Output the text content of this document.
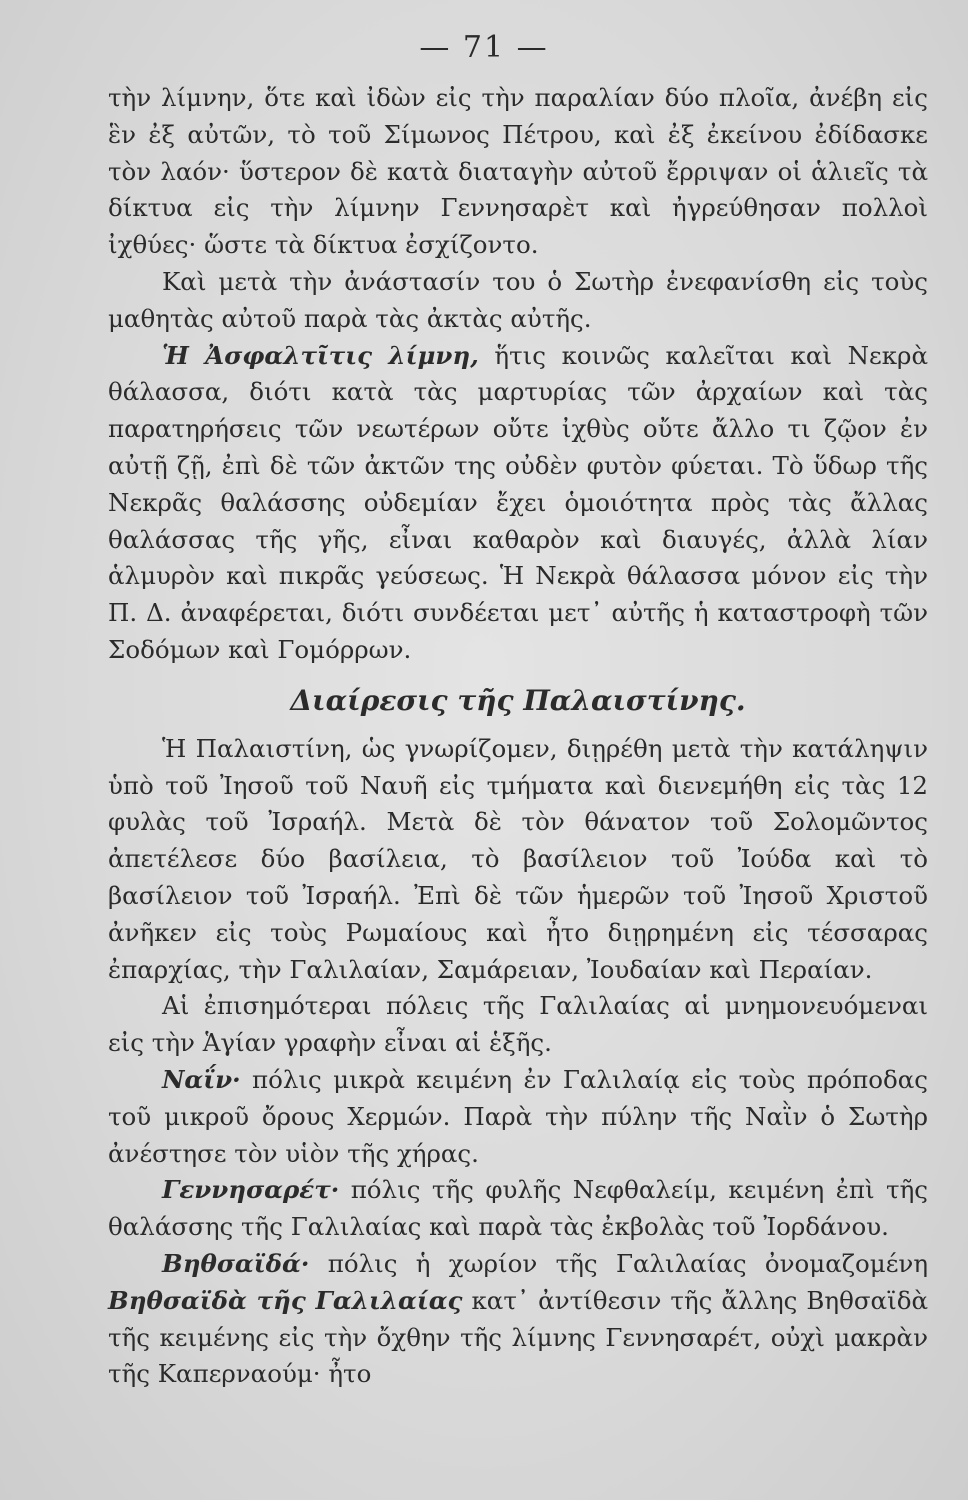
— 71 —

τὴν λίμνην, ὅτε καὶ ἰδὼν εἰς τὴν παραλίαν δύο πλοῖα, ἀνέβη εἰς ἓν ἐξ αὐτῶν, τὸ τοῦ Σίμωνος Πέτρου, καὶ ἐξ ἐκείνου ἐδίδασκε τὸν λαόν· ὕστερον δὲ κατὰ διαταγὴν αὐτοῦ ἔρριψαν οἱ ἁλιεῖς τὰ δίκτυα εἰς τὴν λίμνην Γεννησαρὲτ καὶ ἠγρεύθησαν πολλοὶ ἰχθύες· ὥστε τὰ δίκτυα ἐσχίζοντο.

Καὶ μετὰ τὴν ἀνάστασίν του ὁ Σωτὴρ ἐνεφανίσθη εἰς τοὺς μαθητὰς αὐτοῦ παρὰ τὰς ἀκτὰς αὐτῆς.

Ἡ Ἀσφαλτῖτις λίμνη, ἥτις κοινῶς καλεῖται καὶ Νεκρὰ θάλασσα, διότι κατὰ τὰς μαρτυρίας τῶν ἀρχαίων καὶ τὰς παρατηρήσεις τῶν νεωτέρων οὔτε ἰχθὺς οὔτε ἄλλο τι ζῷον ἐν αὐτῇ ζῇ, ἐπὶ δὲ τῶν ἀκτῶν της οὐδὲν φυτὸν φύεται. Τὸ ὕδωρ τῆς Νεκρᾶς θαλάσσης οὐδεμίαν ἔχει ὁμοιότητα πρὸς τὰς ἄλλας θαλάσσας τῆς γῆς, εἶναι καθαρὸν καὶ διαυγές, ἀλλὰ λίαν ἁλμυρὸν καὶ πικρᾶς γεύσεως. Ἡ Νεκρὰ θάλασσα μόνον εἰς τὴν Π. Δ. ἀναφέρεται, διότι συνδέεται μετ᾿ αὐτῆς ἡ καταστροφὴ τῶν Σοδόμων καὶ Γομόρρων.

Διαίρεσις τῆς Παλαιστίνης.

Ἡ Παλαιστίνη, ὡς γνωρίζομεν, διῃρέθη μετὰ τὴν κατάληψιν ὑπὸ τοῦ Ἰησοῦ τοῦ Ναυῆ εἰς τμήματα καὶ διενεμήθη εἰς τὰς 12 φυλὰς τοῦ Ἰσραήλ. Μετὰ δὲ τὸν θάνατον τοῦ Σολομῶντος ἀπετέλεσε δύο βασίλεια, τὸ βασίλειον τοῦ Ἰούδα καὶ τὸ βασίλειον τοῦ Ἰσραήλ. Ἐπὶ δὲ τῶν ἡμερῶν τοῦ Ἰησοῦ Χριστοῦ ἀνῆκεν εἰς τοὺς Ρωμαίους καὶ ἦτο διῃρημένη εἰς τέσσαρας ἐπαρχίας, τὴν Γαλιλαίαν, Σαμάρειαν, Ἰουδαίαν καὶ Περαίαν.

Αἱ ἐπισημότεραι πόλεις τῆς Γαλιλαίας αἱ μνημονευόμεναι εἰς τὴν Ἁγίαν γραφὴν εἶναι αἱ ἑξῆς.

Ναΐν· πόλις μικρὰ κειμένη ἐν Γαλιλαίᾳ εἰς τοὺς πρόποδας τοῦ μικροῦ ὄρους Χερμών. Παρὰ τὴν πύλην τῆς Ναῒν ὁ Σωτὴρ ἀνέστησε τὸν υἱὸν τῆς χήρας.

Γεννησαρέτ· πόλις τῆς φυλῆς Νεφθαλείμ, κειμένη ἐπὶ τῆς θαλάσσης τῆς Γαλιλαίας καὶ παρὰ τὰς ἐκβολὰς τοῦ Ἰορδάνου.

Βηθσαϊδά· πόλις ἡ χωρίον τῆς Γαλιλαίας ὀνομαζομένη Βηθσαϊδὰ τῆς Γαλιλαίας κατ᾿ ἀντίθεσιν τῆς ἄλλης Βηθσαϊδὰ τῆς κειμένης εἰς τὴν ὄχθην τῆς λίμνης Γεννησαρέτ, οὐχὶ μακρὰν τῆς Καπερναούμ· ἦτο
